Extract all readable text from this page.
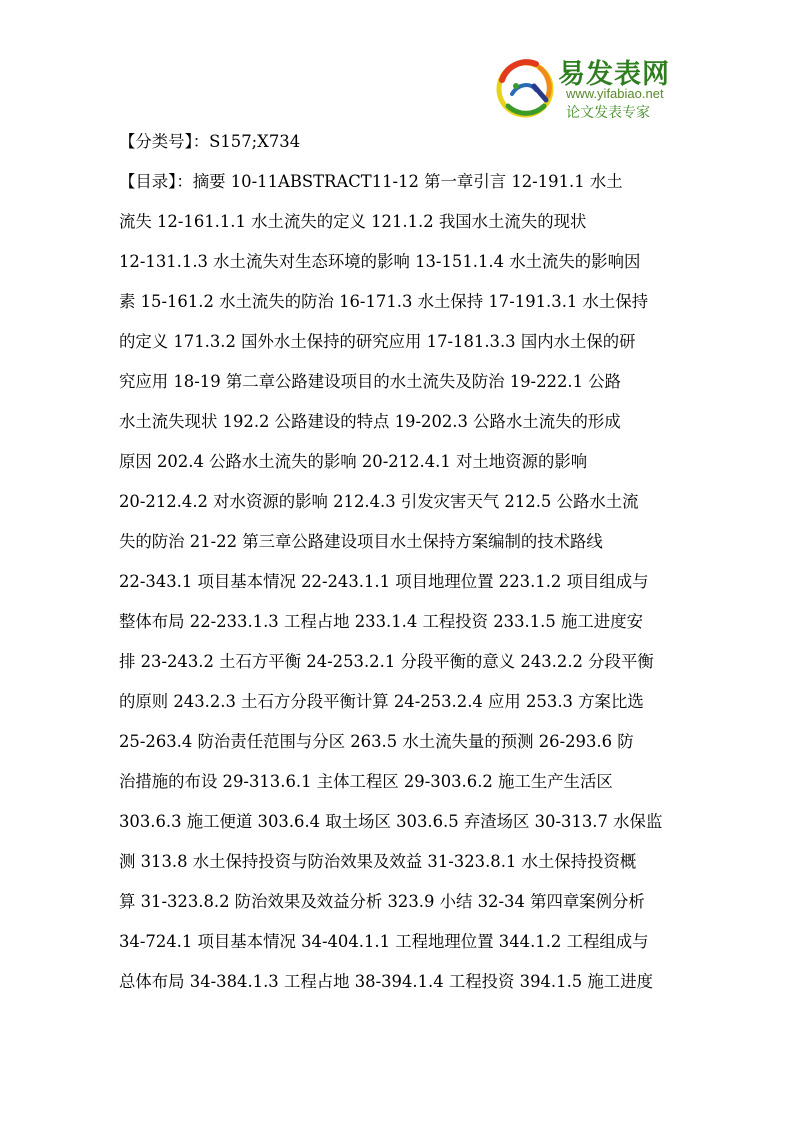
易发表网
www.yifabiao.net
论文发表专家
【分类号】：S157;X734
【目录】：摘要 10-11ABSTRACT11-12 第一章引言 12-191.1 水土
流失 12-161.1.1 水土流失的定义 121.1.2 我国水土流失的现状
12-131.1.3 水土流失对生态环境的影响 13-151.1.4 水土流失的影响因
素 15-161.2 水土流失的防治 16-171.3 水土保持 17-191.3.1 水土保持
的定义 171.3.2 国外水土保持的研究应用 17-181.3.3 国内水土保的研
究应用 18-19 第二章公路建设项目的水土流失及防治 19-222.1 公路
水土流失现状 192.2 公路建设的特点 19-202.3 公路水土流失的形成
原因 202.4 公路水土流失的影响 20-212.4.1 对土地资源的影响
20-212.4.2 对水资源的影响 212.4.3 引发灾害天气 212.5 公路水土流
失的防治 21-22 第三章公路建设项目水土保持方案编制的技术路线
22-343.1 项目基本情况 22-243.1.1 项目地理位置 223.1.2 项目组成与
整体布局 22-233.1.3 工程占地 233.1.4 工程投资 233.1.5 施工进度安
排 23-243.2 土石方平衡 24-253.2.1 分段平衡的意义 243.2.2 分段平衡
的原则 243.2.3 土石方分段平衡计算 24-253.2.4 应用 253.3 方案比选
25-263.4 防治责任范围与分区 263.5 水土流失量的预测 26-293.6 防
治措施的布设 29-313.6.1 主体工程区 29-303.6.2 施工生产生活区
303.6.3 施工便道 303.6.4 取土场区 303.6.5 弃渣场区 30-313.7 水保监
测 313.8 水土保持投资与防治效果及效益 31-323.8.1 水土保持投资概
算 31-323.8.2 防治效果及效益分析 323.9 小结 32-34 第四章案例分析
34-724.1 项目基本情况 34-404.1.1 工程地理位置 344.1.2 工程组成与
总体布局 34-384.1.3 工程占地 38-394.1.4 工程投资 394.1.5 施工进度
